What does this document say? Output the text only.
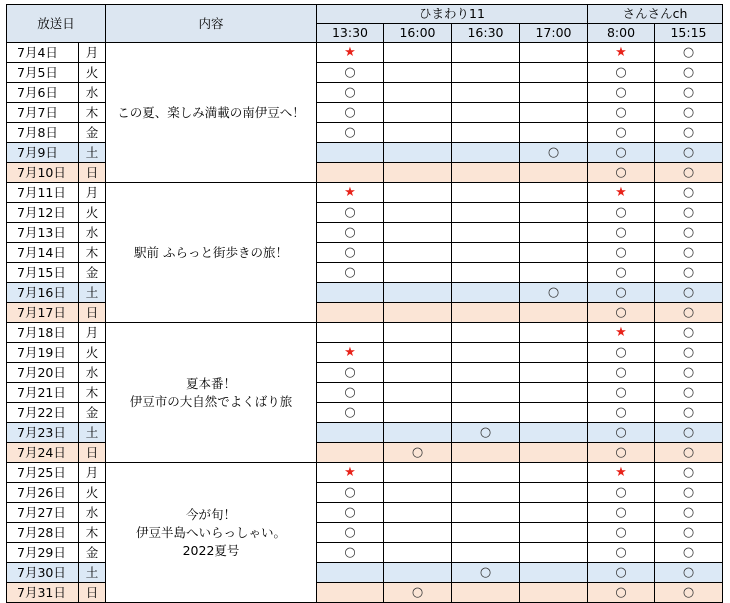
放送日		内容	ひまわり11				さんさんch	
			13:30	16:00	16:30	17:00	8:00	15:15
7月4日	月	この夏、楽しみ満載の南伊豆へ！	★				★	○
7月5日	火		○				○	○
7月6日	水		○				○	○
7月7日	木		○				○	○
7月8日	金		○				○	○
7月9日	土					○	○	○
7月10日	日						○	○
7月11日	月	駅前 ふらっと街歩きの旅！	★				★	○
7月12日	火		○				○	○
7月13日	水		○				○	○
7月14日	木		○				○	○
7月15日	金		○				○	○
7月16日	土					○	○	○
7月17日	日						○	○
7月18日	月	夏本番！
伊豆市の大自然でよくばり旅					★	○
7月19日	火		★				○	○
7月20日	水		○				○	○
7月21日	木		○				○	○
7月22日	金		○				○	○
7月23日	土				○		○	○
7月24日	日			○			○	○
7月25日	月	今が旬！
伊豆半島へいらっしゃい。
2022夏号	★				★	○
7月26日	火		○				○	○
7月27日	水		○				○	○
7月28日	木		○				○	○
7月29日	金		○				○	○
7月30日	土				○		○	○
7月31日	日			○			○	○
